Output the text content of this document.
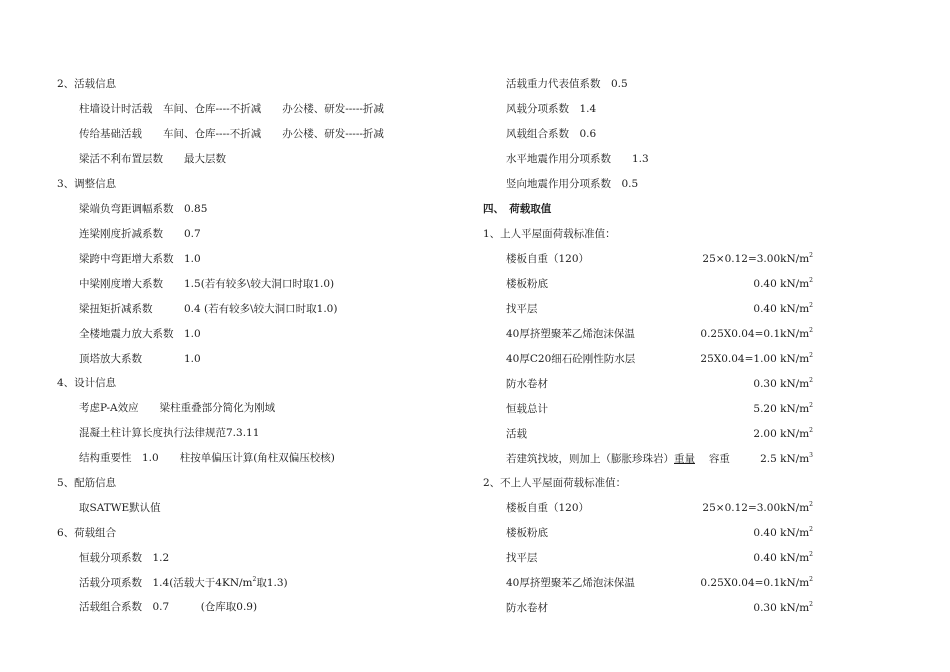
2、活载信息
柱墙设计时活载　车间、仓库----不折减　　办公楼、研发-----折减
传给基础活载　　车间、仓库----不折减　　办公楼、研发-----折减
梁活不利布置层数　　最大层数
3、调整信息
梁端负弯距调幅系数　0.85
连梁刚度折减系数　　0.7
梁跨中弯距增大系数　1.0
中梁刚度增大系数　　1.5(若有较多\较大洞口时取1.0)
梁扭矩折减系数　　　0.4 (若有较多\较大洞口时取1.0)
全楼地震力放大系数　1.0
顶塔放大系数　　　　1.0
4、设计信息
考虑P-A效应　　梁柱重叠部分简化为刚域
混凝土柱计算长度执行法律规范7.3.11
结构重要性　1.0　　柱按单偏压计算(角柱双偏压校核)
5、配筋信息
取SATWE默认值
6、荷载组合
恒载分项系数　1.2
活载分项系数　1.4(活载大于$4KN/m^2$取1.3)
活载组合系数　0.7　　　(仓库取0.9)
活载重力代表值系数　0.5
风载分项系数　1.4
风载组合系数　0.6
水平地震作用分项系数　　1.3
竖向地震作用分项系数　0.5
四、　荷载取值
1、上人平屋面荷载标准值：
楼板自重（120）	$25\times 0.12=3.00kN/m^2$
楼板粉底	0.40 $kN/m^2$
找平层	0.40 $kN/m^2$
40厚挤塑聚苯乙烯泡沫保温	$0.25X0.04=0.1kN/m^2$
40厚C20细石砼刚性防水层	25X0.04=1.00 $kN/m^2$
防水卷材	0.30 $kN/m^2$
恒载总计	5.20 $kN/m^2$
活载	2.00 $kN/m^2$
若建筑找坡，则加上（膨胀珍珠岩）重量　 容重	2.5 $kN/m^3$
2、不上人平屋面荷载标准值：
楼板自重（120）	$25\times 0.12=3.00kN/m^2$
楼板粉底	0.40 $kN/m^2$
找平层	0.40 $kN/m^2$
40厚挤塑聚苯乙烯泡沫保温	$0.25X0.04=0.1kN/m^2$
防水卷材	0.30 $kN/m^2$
